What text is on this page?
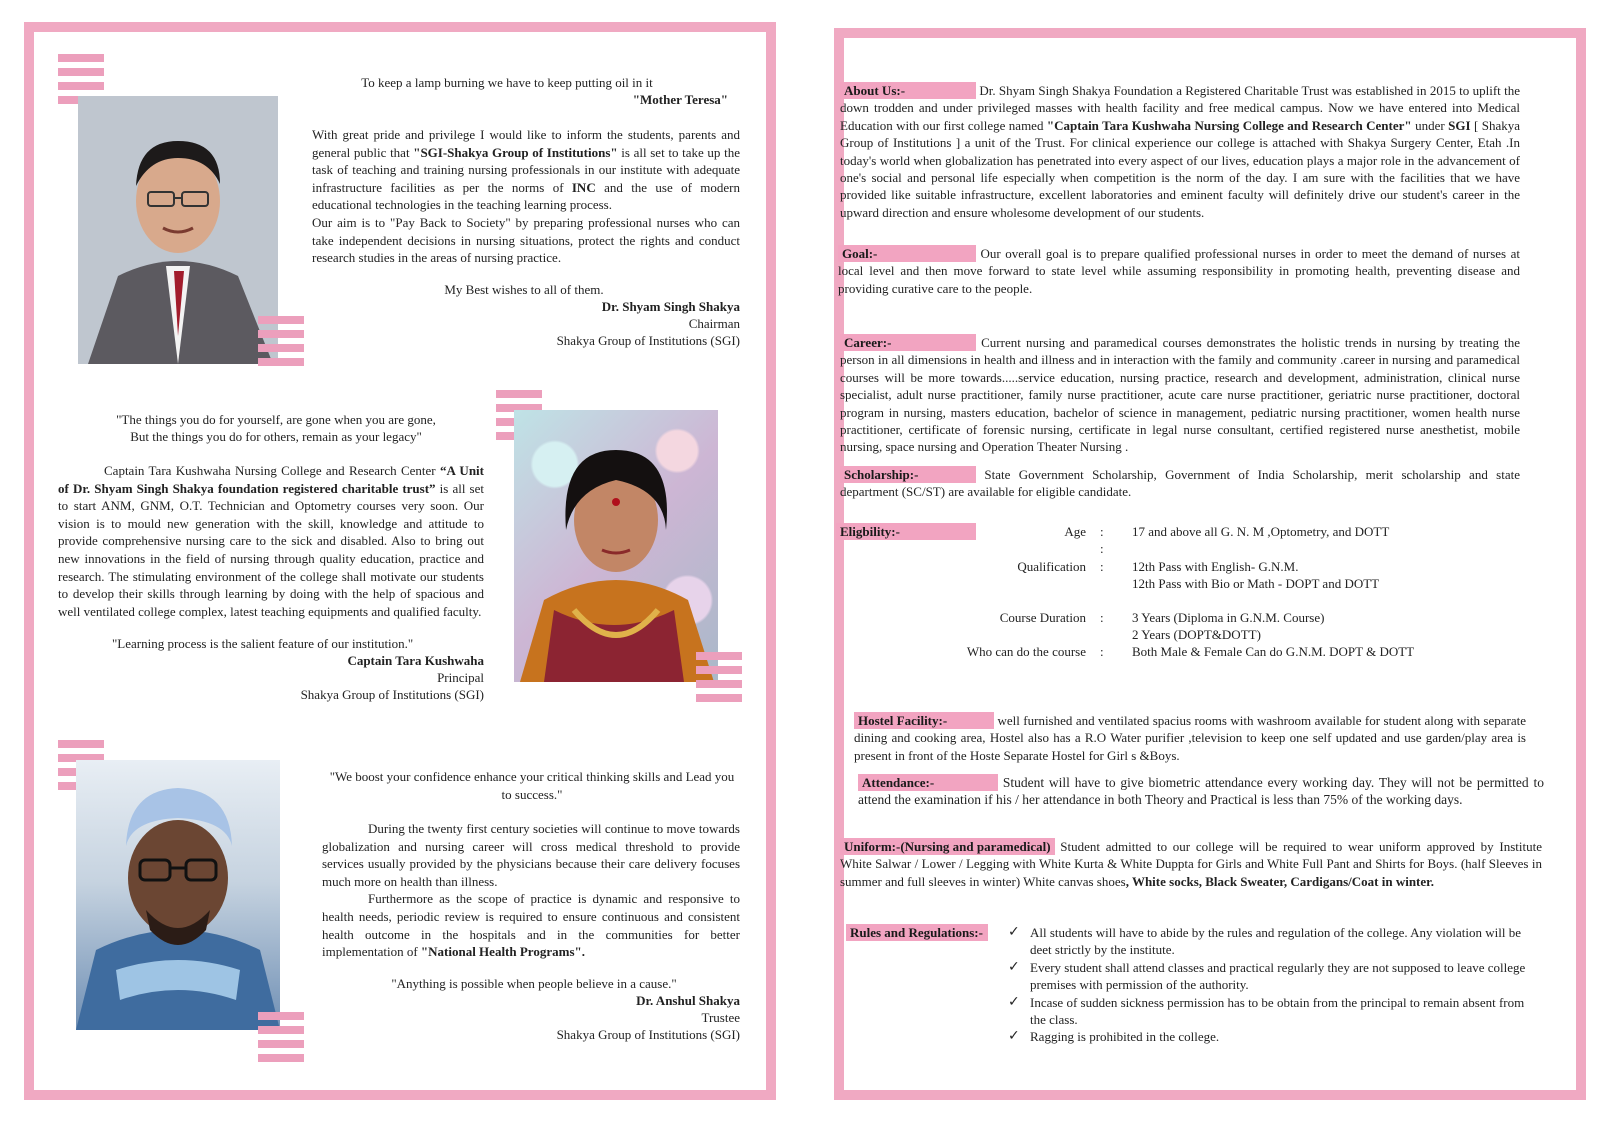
To keep a lamp burning we have to keep putting oil in it
"Mother Teresa"
With great pride and privilege I would like to inform the students, parents and general public that "SGI-Shakya Group of Institutions" is all set to take up the task of teaching and training nursing professionals in our institute with adequate infrastructure facilities as per the norms of INC and the use of modern educational technologies in the teaching learning process.

Our aim is to "Pay Back to Society" by preparing professional nurses who can take independent decisions in nursing situations, protect the rights and conduct research studies in the areas of nursing practice.

My Best wishes to all of them.
Dr. Shyam Singh Shakya
Chairman
Shakya Group of Institutions (SGI)
"The things you do for yourself, are gone when you are gone,
But the things you do for others, remain as your legacy"
Captain Tara Kushwaha Nursing College and Research Center “A Unit of Dr. Shyam Singh Shakya foundation registered charitable trust” is all set to start ANM, GNM, O.T. Technician and Optometry courses very soon. Our vision is to mould new generation with the skill, knowledge and attitude to provide comprehensive nursing care to the sick and disabled. Also to bring out new innovations in the field of nursing through quality education, practice and research. The stimulating environment of the college shall motivate our students to develop their skills through learning by doing with the help of spacious and well ventilated college complex, latest teaching equipments and qualified faculty.
"Learning process is the salient feature of our institution."
Captain Tara Kushwaha
Principal
Shakya Group of Institutions (SGI)
"We boost your confidence enhance your critical thinking skills and Lead you to success."

During the twenty first century societies will continue to move towards globalization and nursing career will cross medical threshold to provide services usually provided by the physicians because their care delivery focuses much more on health than illness.

Furthermore as the scope of practice is dynamic and responsive to health needs, periodic review is required to ensure continuous and consistent health outcome in the hospitals and in the communities for better implementation of "National Health Programs".

"Anything is possible when people believe in a cause."
Dr. Anshul Shakya
Trustee
Shakya Group of Institutions (SGI)
About Us:-	Dr. Shyam Singh Shakya Foundation a Registered Charitable Trust was established in 2015 to uplift the down trodden and under privileged masses with health facility and free medical campus. Now we have entered into Medical Education with our first college named "Captain Tara Kushwaha Nursing College and Research Center" under SGI [ Shakya Group of Institutions ] a unit of the Trust. For clinical experience our college is attached with Shakya Surgery Center, Etah .In today's world when globalization has penetrated into every aspect of our lives, education plays a major role in the advancement of one's social and personal life especially when competition is the norm of the day. I am sure with the facilities that we have provided like suitable infrastructure, excellent laboratories and eminent faculty will definitely drive our student's career in the upward direction and ensure wholesome development of our students.
Goal:-	Our overall goal is to prepare qualified professional nurses in order to meet the demand of nurses at local level and then move forward to state level while assuming responsibility in promoting health, preventing disease and providing curative care to the people.
Career:-	Current nursing and paramedical courses demonstrates the holistic trends in nursing by treating the person in all dimensions in health and illness and in interaction with the family and community .career in nursing and paramedical courses will be more towards.....service education, nursing practice, research and development, administration, clinical nurse specialist, adult nurse practitioner, family nurse practitioner, acute care nurse practitioner, geriatric nurse practitioner, doctoral program in nursing, masters education, bachelor of science in management, pediatric nursing practitioner, women health nurse practitioner, certificate of forensic nursing, certificate in legal nurse consultant, certified registered nurse anesthetist, mobile nursing, space nursing and Operation Theater Nursing .
Scholarship:-	State Government Scholarship, Government of India Scholarship, merit scholarship and state department (SC/ST) are available for eligible candidate.
Eligbility:-	Age	:	17 and above all G. N. M ,Optometry, and DOTT

	:	
Qualification	:	12th Pass with English- G.N.M.
12th Pass with Bio or Math - DOPT and DOTT

Course Duration	:	3 Years (Diploma in G.N.M. Course)
2 Years (DOPT&DOTT)

Who can do the course	:	Both Male & Female Can do G.N.M. DOPT & DOTT
Hostel Facility:-	well furnished and ventilated spacius rooms with washroom available for student along with separate dining and cooking area, Hostel also has a R.O Water purifier ,television to keep one self updated and use garden/play area is present in front of the Hoste Separate Hostel for Girl s &Boys.
Attendance:-	Student will have to give biometric attendance every working day. They will not be permitted to attend the examination if his / her attendance in both Theory and Practical is less than 75% of the working days.
Uniform:-(Nursing and paramedical) Student admitted to our college will be required to wear uniform approved by Institute White Salwar / Lower / Legging with White Kurta & White Duppta for Girls and White Full Pant and Shirts for Boys. (half Sleeves in summer and full sleeves in winter) White canvas shoes, White socks, Black Sweater, Cardigans/Coat in winter.
Rules and Regulations:-	✓ All students will have to abide by the rules and regulation of the college. Any violation will be deet strictly by the institute.
✓ Every student shall attend classes and practical regularly they are not supposed to leave college premises with permission of the authority.
✓ Incase of sudden sickness permission has to be obtain from the principal to remain absent from the class.
✓ Ragging is prohibited in the college.
